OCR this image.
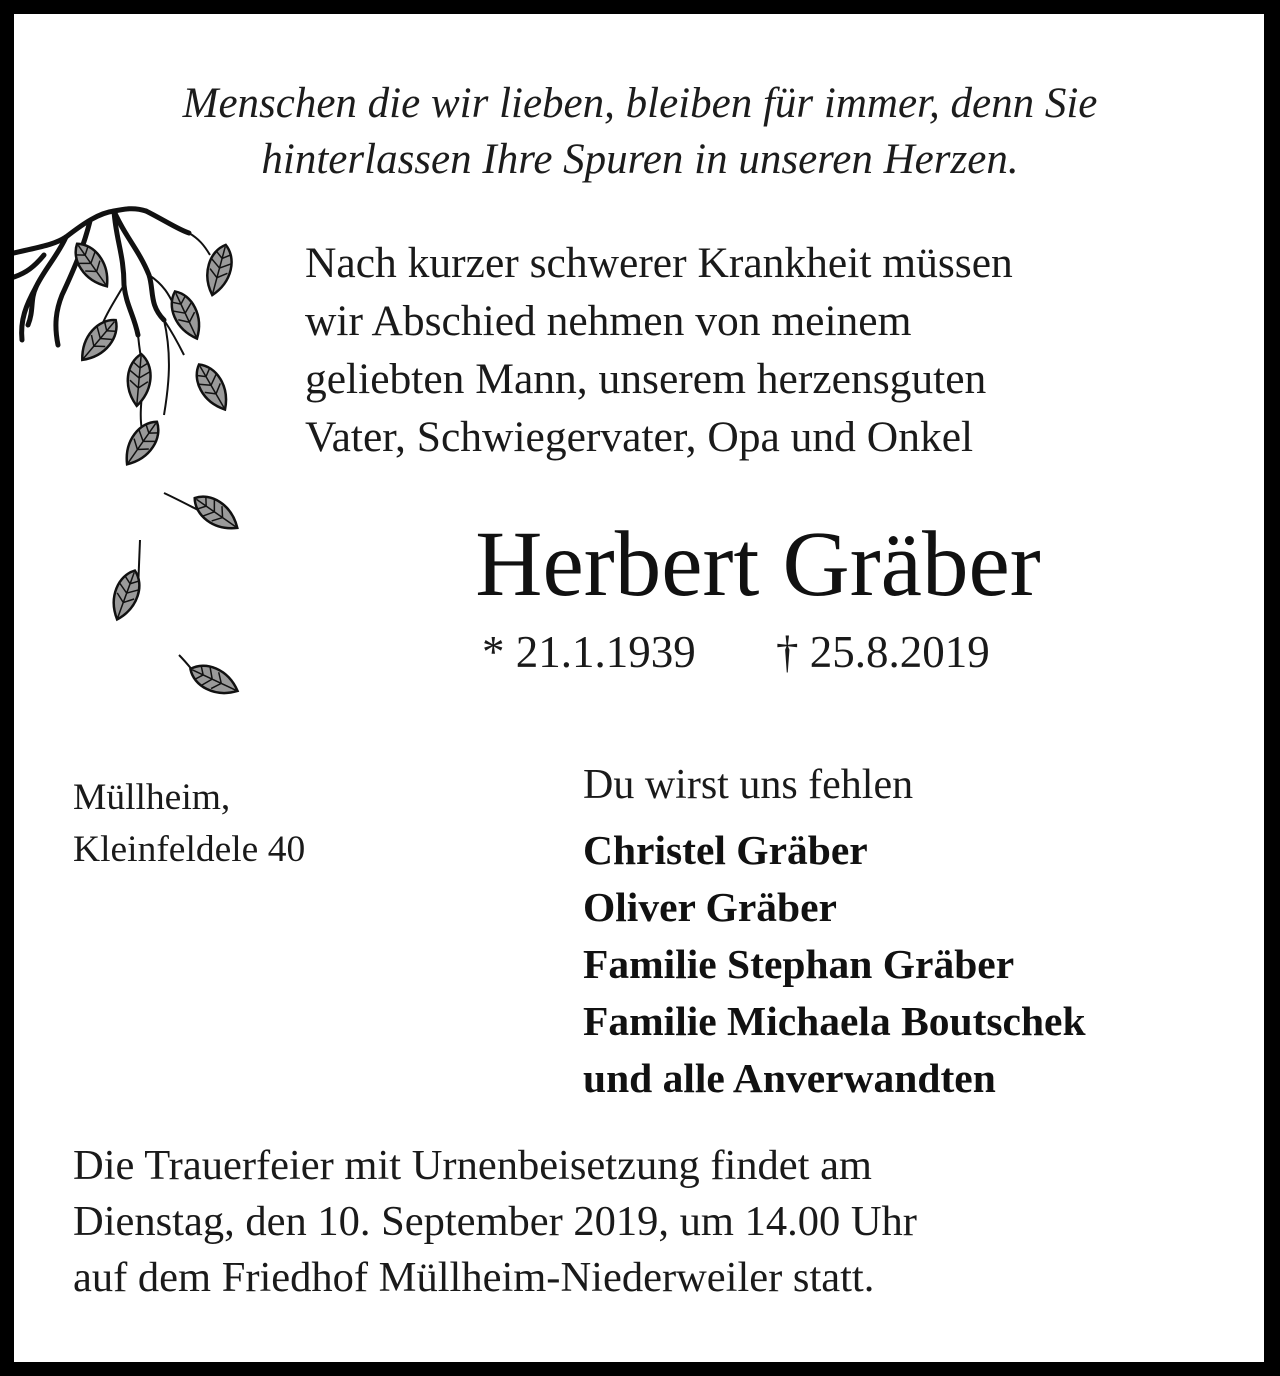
Menschen die wir lieben, bleiben für immer, denn Sie

hinterlassen Ihre Spuren in unseren Herzen.

Nach kurzer schwerer Krankheit müssen

wir Abschied nehmen von meinem

geliebten Mann, unserem herzensguten

Vater, Schwiegervater, Opa und Onkel

Herbert Gräber

* 21.1.1939 † 25.8.2019

Müllheim,

Kleinfeldele 40

Du wirst uns fehlen

Christel Gräber

Oliver Gräber

Familie Stephan Gräber

Familie Michaela Boutschek

und alle Anverwandten

Die Trauerfeier mit Urnenbeisetzung findet am

Dienstag, den 10. September 2019, um 14.00 Uhr

auf dem Friedhof Müllheim-Niederweiler statt.
